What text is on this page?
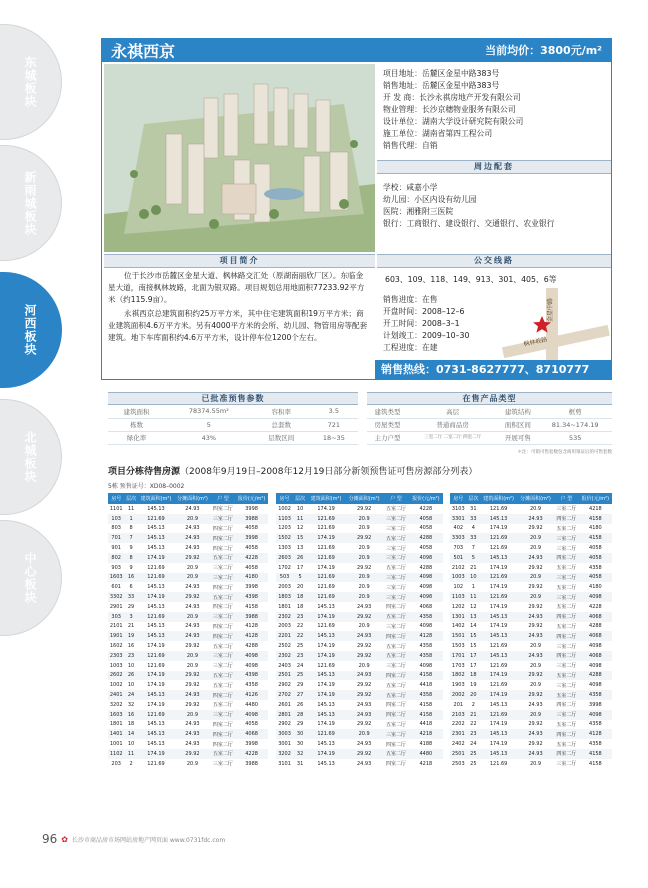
东城板块
新雨城板块
河西板块
北城板块
中心板块
永祺西京	当前均价：3800元/m²
项目地址：岳麓区金星中路383号
销售地址：岳麓区金星中路383号
开 发 商：长沙永祺房地产开发有限公司
物业管理：长沙京穗物业服务有限公司
设计单位：湖南大学设计研究院有限公司
施工单位：湖南省第四工程公司
销售代理：自销
周边配套
学校：咸嘉小学
幼儿园：小区内设有幼儿园
医院：湘雅附三医院
银行：工商银行、建设银行、交通银行、农业银行
项目简介	公交线路

位于长沙市岳麓区金星大道、枫林路交汇处（原湖南丽欣厂区）。东临金星大道，南接枫林坡路，北面为银双路。项目规划总用地面积77233.92平方米（约115.9亩）。

永祺西京总建筑面积约25万平方米，其中住宅建筑面积19万平方米；商业建筑面积4.6万平方米。另有4000平方米的会所、幼儿园、物管用房等配套建筑。地下车库面积约4.6万平方米，设计停车位1200个左右。

603、109、118、149、913、301、405、6等
销售进度：在售
开盘时间：2008–12–6
开工时间：2008–3–1
计划竣工：2009–10–30
工程进度：在建
金星中路
枫林坡路
销售热线：0731-8627777、8710777
已批准预售参数
建筑面积	78374.55m²	容积率	3.5
栋数	5	总套数	721
绿化率	43%	层数区间	18~35
在售产品类型
建筑类型	高层	建筑结构	框剪
房屋类型	普通商品房	面积区间	81.34~174.19
主力户型	三室二厅 二室二厅 四室二厅	开展可售	535
＊注：可销可售套数包含商用领证后的可售套数
项目分栋待售房源（2008年9月19日–2008年12月19日部分新领预售证可售房源部分列表）
5栋 预售证号：XD08–0002
房号	层次	建筑面积(m²)	分摊面积(m²)	户 型	报价(元/m²)
1101	11	145.13	24.93	四室二厅	3998
103	1	121.69	20.9	三室二厅	3988
803	8	145.13	24.93	四室二厅	4058
701	7	145.13	24.93	四室二厅	3998
901	9	145.13	24.93	四室二厅	4058
802	8	174.19	29.92	五室二厅	4228
903	9	121.69	20.9	三室二厅	4058
1603	16	121.69	20.9	三室二厅	4180
601	6	145.13	24.93	四室二厅	3998
3302	33	174.19	29.92	五室二厅	4398
2901	29	145.13	24.93	四室二厅	4158
303	3	121.69	20.9	三室二厅	3988
2101	21	145.13	24.93	四室二厅	4128
1901	19	145.13	24.93	四室二厅	4128
1602	16	174.19	29.92	五室二厅	4288
2303	23	121.69	20.9	三室二厅	4098
1003	10	121.69	20.9	三室二厅	4098
2602	26	174.19	29.92	五室二厅	4398
1002	10	174.19	29.92	五室二厅	4358
2401	24	145.13	24.93	四室二厅	4126
3202	32	174.19	29.92	五室二厅	4480
1603	16	121.69	20.9	三室二厅	4098
1801	18	145.13	24.93	四室二厅	4058
1401	14	145.13	24.93	四室二厅	4068
1001	10	145.13	24.93	四室二厅	3998
1102	11	174.19	29.92	五室二厅	4228
203	2	121.69	20.9	三室二厅	3988
房号	层次	建筑面积(m²)	分摊面积(m²)	户 型	报价(元/m²)
1002	10	174.19	29.92	五室二厅	4228
1103	11	121.69	20.9	三室二厅	4058
1203	12	121.69	20.9	三室二厅	4058
1502	15	174.19	29.92	五室二厅	4288
1303	13	121.69	20.9	三室二厅	4058
2603	26	121.69	20.9	三室二厅	4098
1702	17	174.19	29.92	五室二厅	4288
503	5	121.69	20.9	三室二厅	4098
2003	20	121.69	20.9	三室二厅	4098
1803	18	121.69	20.9	三室二厅	4098
1801	18	145.13	24.93	四室二厅	4068
2302	23	174.19	29.92	五室二厅	4358
2003	22	121.69	20.9	三室二厅	4098
2201	22	145.13	24.93	四室二厅	4128
2502	25	174.19	29.92	五室二厅	4358
2302	23	174.19	29.92	五室二厅	4358
2403	24	121.69	20.9	三室二厅	4098
2501	25	145.13	24.93	四室二厅	4158
2902	29	174.19	29.92	五室二厅	4418
2702	27	174.19	29.92	五室二厅	4358
2601	26	145.13	24.93	四室二厅	4158
2801	28	145.13	24.93	四室二厅	4158
2902	29	174.19	29.92	五室二厅	4418
3003	30	121.69	20.9	三室二厅	4218
3001	30	145.13	24.93	四室二厅	4188
3202	32	174.19	29.92	五室二厅	4480
3101	31	145.13	24.93	四室二厅	4218
房号	层次	建筑面积(m²)	分摊面积(m²)	户 型	报价(元/m²)
3103	31	121.69	20.9	三室二厅	4218
3301	33	145.13	24.93	四室二厅	4158
402	4	174.19	29.92	五室二厅	4180
3303	33	121.69	20.9	三室二厅	4158
703	7	121.69	20.9	三室二厅	4058
501	5	145.13	24.93	四室二厅	4058
2102	21	174.19	29.92	五室二厅	4358
1003	10	121.69	20.9	三室二厅	4058
102	1	174.19	29.92	五室二厅	4180
1103	11	121.69	20.9	三室二厅	4098
1202	12	174.19	29.92	五室二厅	4228
1301	13	145.13	24.93	四室二厅	4068
1402	14	174.19	29.92	五室二厅	4288
1501	15	145.13	24.93	四室二厅	4068
1503	15	121.69	20.9	三室二厅	4098
1701	17	145.13	24.93	四室二厅	4068
1703	17	121.69	20.9	三室二厅	4098
1802	18	174.19	29.92	五室二厅	4288
1903	19	121.69	20.9	三室二厅	4098
2002	20	174.19	29.92	五室二厅	4358
201	2	145.13	24.93	四室二厅	3998
2103	21	121.69	20.9	三室二厅	4098
2202	22	174.19	29.92	五室二厅	4358
2301	23	145.13	24.93	四室二厅	4128
2402	24	174.19	29.92	五室二厅	4358
2501	25	145.13	24.93	四室二厅	4158
2503	25	121.69	20.9	三室二厅	4158
96 ✿ 长沙市商品房市场网站房地产网页面 www.0731fdc.com
